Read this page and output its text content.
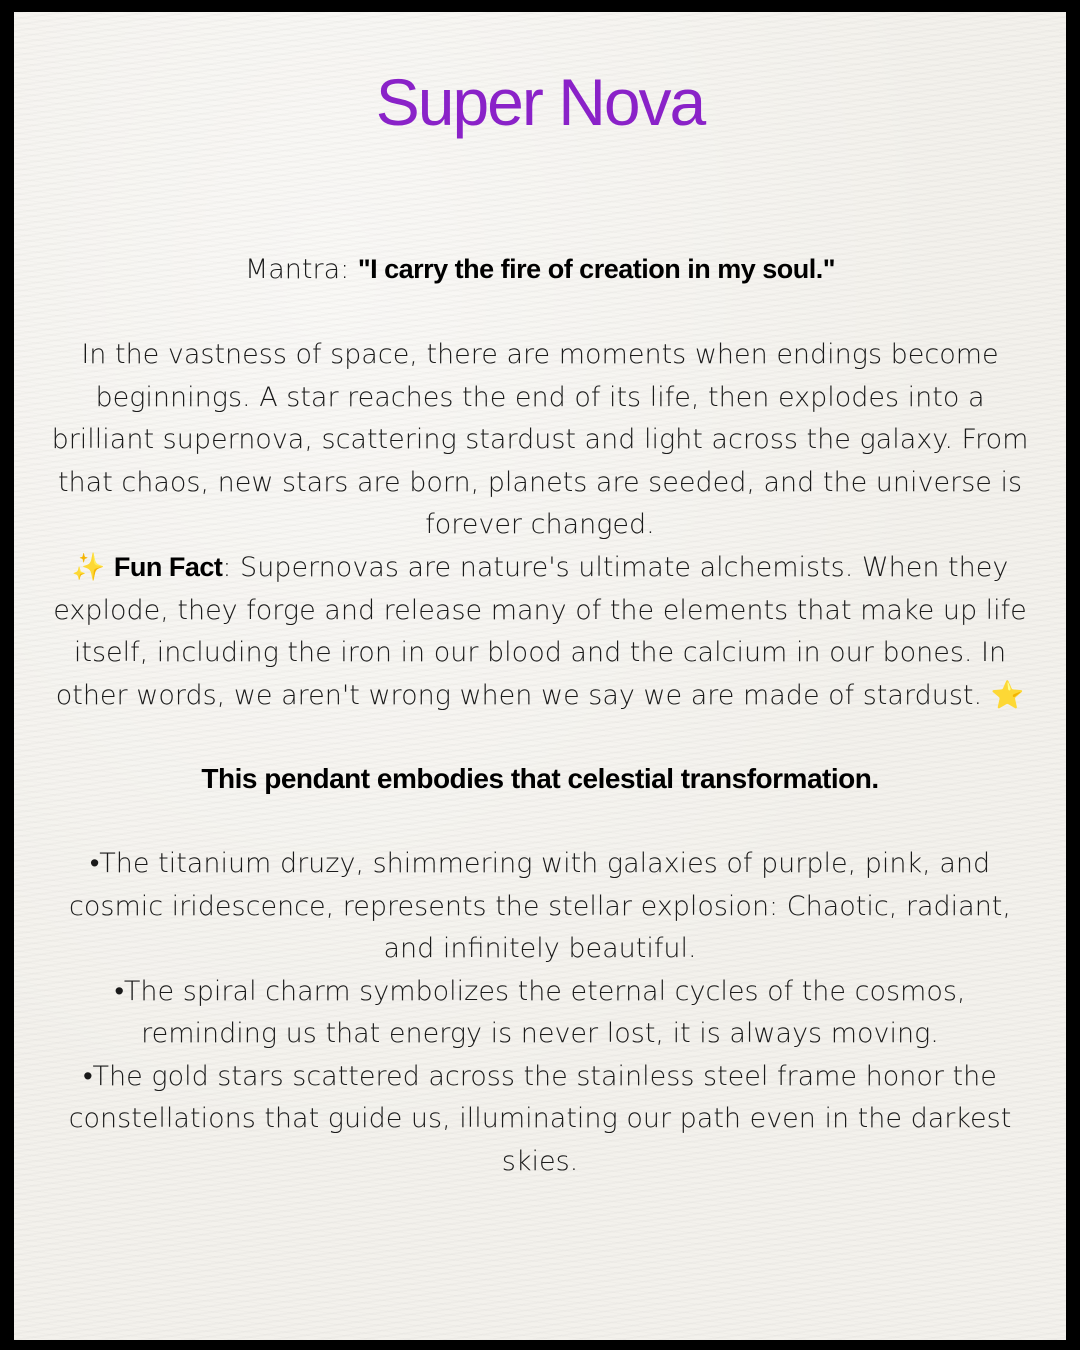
Super Nova

Mantra: "I carry the fire of creation in my soul."

In the vastness of space, there are moments when endings become beginnings. A star reaches the end of its life, then explodes into a brilliant supernova, scattering stardust and light across the galaxy. From that chaos, new stars are born, planets are seeded, and the universe is forever changed.

✨ Fun Fact: Supernovas are nature's ultimate alchemists. When they explode, they forge and release many of the elements that make up life itself, including the iron in our blood and the calcium in our bones. In other words, we aren't wrong when we say we are made of stardust. ⭐

This pendant embodies that celestial transformation.

•The titanium druzy, shimmering with galaxies of purple, pink, and cosmic iridescence, represents the stellar explosion: Chaotic, radiant, and infinitely beautiful.
•The spiral charm symbolizes the eternal cycles of the cosmos, reminding us that energy is never lost, it is always moving.
•The gold stars scattered across the stainless steel frame honor the constellations that guide us, illuminating our path even in the darkest skies.
